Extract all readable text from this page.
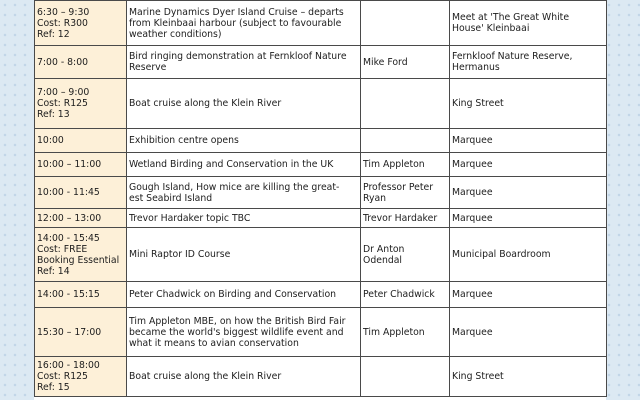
6:30 – 9:30
Cost: R300
Ref: 12	Marine Dynamics Dyer Island Cruise – departs
from Kleinbaai harbour (subject to favourable
weather conditions)		Meet at 'The Great White
House' Kleinbaai

7:00 - 8:00	Bird ringing demonstration at Fernkloof Nature
Reserve	Mike Ford	Fernkloof Nature Reserve,
Hermanus

7:00 – 9:00
Cost: R125
Ref: 13	Boat cruise along the Klein River		King Street

10:00	Exhibition centre opens		Marquee

10:00 – 11:00	Wetland Birding and Conservation in the UK	Tim Appleton	Marquee

10:00 - 11:45	Gough Island, How mice are killing the great-
est Seabird Island	Professor Peter
Ryan	Marquee

12:00 – 13:00	Trevor Hardaker topic TBC	Trevor Hardaker	Marquee

14:00 - 15:45
Cost: FREE
Booking Essential
Ref: 14	Mini Raptor ID Course	Dr Anton
Odendal	Municipal Boardroom

14:00 - 15:15	Peter Chadwick on Birding and Conservation	Peter Chadwick	Marquee

15:30 – 17:00	Tim Appleton MBE, on how the British Bird Fair
became the world's biggest wildlife event and
what it means to avian conservation	Tim Appleton	Marquee

16:00 - 18:00
Cost: R125
Ref: 15	Boat cruise along the Klein River		King Street
